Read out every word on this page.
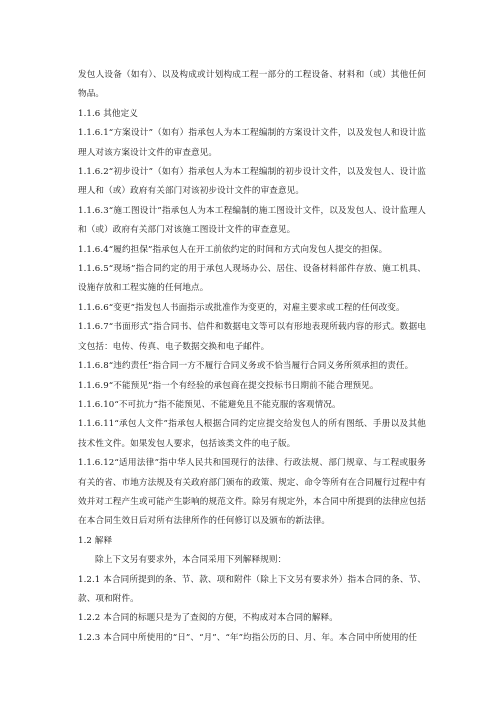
发包人设备（如有）、以及构成或计划构成工程一部分的工程设备、材料和（或）其他任何物品。

1.1.6 其他定义

1.1.6.1“方案设计”（如有）指承包人为本工程编制的方案设计文件，以及发包人和设计监理人对该方案设计文件的审查意见。

1.1.6.2“初步设计”（如有）指承包人为本工程编制的初步设计文件，以及发包人、设计监理人和（或）政府有关部门对该初步设计文件的审查意见。

1.1.6.3“施工图设计”指承包人为本工程编制的施工图设计文件，以及发包人、设计监理人和（或）政府有关部门对该施工图设计文件的审查意见。

1.1.6.4“履约担保”指承包人在开工前依约定的时间和方式向发包人提交的担保。

1.1.6.5“现场”指合同约定的用于承包人现场办公、居住、设备材料部件存放、施工机具、设施存放和工程实施的任何地点。

1.1.6.6“变更”指发包人书面指示或批准作为变更的，对雇主要求或工程的任何改变。

1.1.6.7“书面形式”指合同书、信件和数据电文等可以有形地表现所载内容的形式。数据电文包括：电传、传真、电子数据交换和电子邮件。

1.1.6.8“违约责任”指合同一方不履行合同义务或不恰当履行合同义务所须承担的责任。

1.1.6.9“不能预见”指一个有经验的承包商在提交投标书日期前不能合理预见。

1.1.6.10“不可抗力”指不能预见、不能避免且不能克服的客观情况。

1.1.6.11“承包人文件”指承包人根据合同约定应提交给发包人的所有图纸、手册以及其他技术性文件。如果发包人要求，包括该类文件的电子版。

1.1.6.12“适用法律”指中华人民共和国现行的法律、行政法规、部门规章、与工程或服务有关的省、市地方法规及有关政府部门颁布的政策、规定、命令等所有在合同履行过程中有效并对工程产生或可能产生影响的规范文件。除另有规定外，本合同中所提到的法律应包括在本合同生效日后对所有法律所作的任何修订以及颁布的新法律。

1.2 解释

除上下文另有要求外，本合同采用下列解释规则：

1.2.1 本合同所提到的条、节、款、项和附件（除上下文另有要求外）指本合同的条、节、款、项和附件。

1.2.2 本合同的标题只是为了查阅的方便，不构成对本合同的解释。

1.2.3 本合同中所使用的“日”、“月”、“年”均指公历的日、月、年。本合同中所使用的任
